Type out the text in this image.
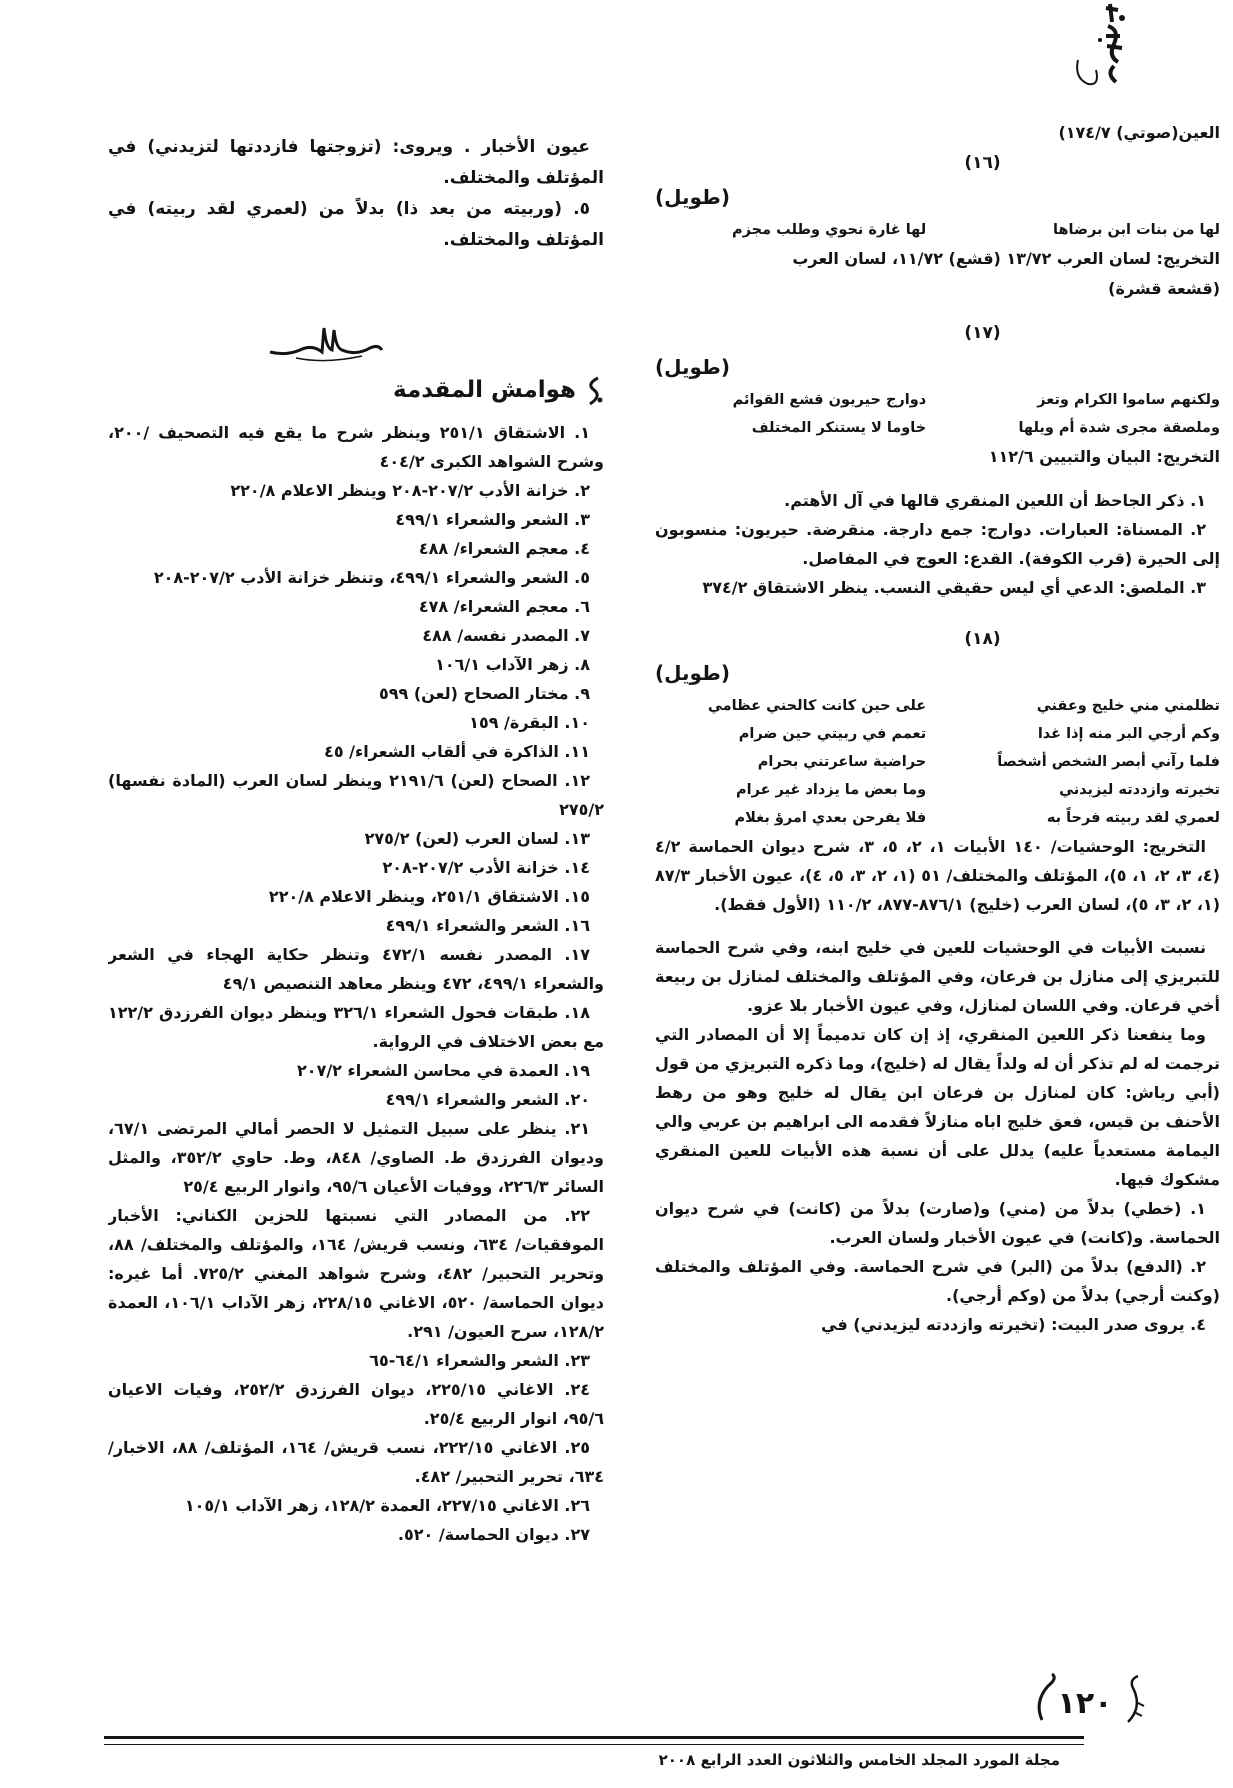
العين(صوتي) ١٧٤/٧)
(١٦)
(طويل)
لها من بنات ابن برضاها
لها غارة نحوي وطلب مجزم

التخريج: لسان العرب ١٣/٧٢ (قشع) ١١/٧٢، لسان العرب

(قشعة قشرة)

(١٧)
(طويل)
ولكنهم ساموا الكرام وتعز
دوارج حيريون قشع القوائم
وملصقة مجرى شدة أم ويلها
خاوما لا يستنكر المختلف

التخريج: البيان والتبيين ١١٢/٦

١. ذكر الجاحظ أن اللعين المنقري قالها في آل الأهتم.

٢. المسناة: العبارات. دوارج: جمع دارجة. منقرضة. حيريون: منسوبون إلى الحيرة (قرب الكوفة). القدع: العوج في المفاصل.

٣. الملصق: الدعي أي ليس حقيقي النسب. ينظر الاشتقاق ٣٧٤/٢

(١٨)
(طويل)
تظلمني مني خليج وعقني
على حين كانت كالحني عظامي
وكم أرجي البر منه إذا غدا
تعمم في ربيتي حين ضرام
فلما رآني أبصر الشخص أشخصاً
حراضية ساعرتني بحرام
تخيرته وازددته ليزيدني
وما بعض ما يزداد غير عرام
لعمري لقد ربيته فرحاً به
فلا يفرحن بعدي امرؤ بغلام

التخريج: الوحشيات/ ١٤٠ الأبيات ١، ٢، ٥، ٣، شرح ديوان الحماسة ٤/٢ (٤، ٣، ٢، ١، ٥)، المؤتلف والمختلف/ ٥١ (١، ٢، ٣، ٥، ٤)، عيون الأخبار ٨٧/٣ (١، ٢، ٣، ٥)، لسان العرب (خليج) ٨٧٦/١-٨٧٧، ١١٠/٢ (الأول فقط).

نسبت الأبيات في الوحشيات للعين في خليج ابنه، وفي شرح الحماسة للتبريزي إلى منازل بن فرعان، وفي المؤتلف والمختلف لمنازل بن ربيعة أخي فرعان. وفي اللسان لمنازل، وفي عيون الأخبار بلا عزو.

وما ينفعنا ذكر اللعين المنقري، إذ إن كان تدميماً إلا أن المصادر التي ترجمت له لم تذكر أن له ولداً يقال له (خليج)، وما ذكره التبريزي من قول (أبي رياش: كان لمنازل بن فرعان ابن يقال له خليج وهو من رهط الأحنف بن قيس، فعق خليج اباه منازلاً فقدمه الى ابراهيم بن عربي والي اليمامة مستعدياً عليه) يدلل على أن نسبة هذه الأبيات للعين المنقري مشكوك فيها.

١. (خطي) بدلاً من (مني) و(صارت) بدلاً من (كانت) في شرح ديوان الحماسة. و(كانت) في عيون الأخبار ولسان العرب.

٢. (الدفع) بدلاً من (البر) في شرح الحماسة. وفي المؤتلف والمختلف (وكنت أرجي) بدلاً من (وكم أرجي).

٤. يروى صدر البيت: (تخيرته وازددته ليزيدني) في

عيون الأخبار . ويروى: (تزوجتها فازددتها لتزيدني) في المؤتلف والمختلف.

٥. (وربيته من بعد ذا) بدلاً من (لعمري لقد ربيته) في المؤتلف والمختلف.

هوامش المقدمة

١. الاشتقاق ٢٥١/١ وينظر شرح ما يقع فيه التصحيف /٢٠٠، وشرح الشواهد الكبرى ٤٠٤/٢

٢. خزانة الأدب ٢٠٧/٢-٢٠٨ وينظر الاعلام ٢٢٠/٨

٣. الشعر والشعراء ٤٩٩/١

٤. معجم الشعراء/ ٤٨٨

٥. الشعر والشعراء ٤٩٩/١، وتنظر خزانة الأدب ٢٠٧/٢-٢٠٨

٦. معجم الشعراء/ ٤٧٨

٧. المصدر نفسه/ ٤٨٨

٨. زهر الآداب ١٠٦/١

٩. مختار الصحاح (لعن) ٥٩٩

١٠. البقرة/ ١٥٩

١١. الذاكرة في ألقاب الشعراء/ ٤٥

١٢. الصحاح (لعن) ٢١٩١/٦ وينظر لسان العرب (المادة نفسها) ٢٧٥/٢

١٣. لسان العرب (لعن) ٢٧٥/٢

١٤. خزانة الأدب ٢٠٧/٢-٢٠٨

١٥. الاشتقاق ٢٥١/١، وينظر الاعلام ٢٢٠/٨

١٦. الشعر والشعراء ٤٩٩/١

١٧. المصدر نفسه ٤٧٢/١ وتنظر حكاية الهجاء في الشعر والشعراء ٤٩٩/١، ٤٧٢ وينظر معاهد التنصيص ٤٩/١

١٨. طبقات فحول الشعراء ٣٢٦/١ وينظر ديوان الفرزدق ١٢٢/٢ مع بعض الاختلاف في الرواية.

١٩. العمدة في محاسن الشعراء ٢٠٧/٢

٢٠. الشعر والشعراء ٤٩٩/١

٢١. ينظر على سبيل التمثيل لا الحصر أمالي المرتضى ٦٧/١، وديوان الفرزدق ط. الصاوي/ ٨٤٨، وط. حاوي ٣٥٢/٢، والمثل السائر ٢٢٦/٣، ووفيات الأعيان ٩٥/٦، وانوار الربيع ٢٥/٤

٢٢. من المصادر التي نسبتها للحزين الكناني: الأخبار الموفقيات/ ٦٣٤، ونسب قريش/ ١٦٤، والمؤتلف والمختلف/ ٨٨، وتحرير التحبير/ ٤٨٢، وشرح شواهد المغني ٧٢٥/٢. أما غيره: ديوان الحماسة/ ٥٢٠، الاغاني ٢٢٨/١٥، زهر الآداب ١٠٦/١، العمدة ١٢٨/٢، سرح العيون/ ٢٩١.

٢٣. الشعر والشعراء ٦٤/١-٦٥

٢٤. الاغاني ٢٢٥/١٥، ديوان الفرزدق ٢٥٢/٢، وفيات الاعيان ٩٥/٦، انوار الربيع ٢٥/٤.

٢٥. الاغاني ٢٢٢/١٥، نسب قريش/ ١٦٤، المؤتلف/ ٨٨، الاخبار/ ٦٣٤، تحرير التحبير/ ٤٨٢.

٢٦. الاغاني ٢٢٧/١٥، العمدة ١٢٨/٢، زهر الآداب ١٠٥/١

٢٧. ديوان الحماسة/ ٥٢٠.

١٢٠
مجلة المورد المجلد الخامس والثلاثون العدد الرابع ٢٠٠٨
